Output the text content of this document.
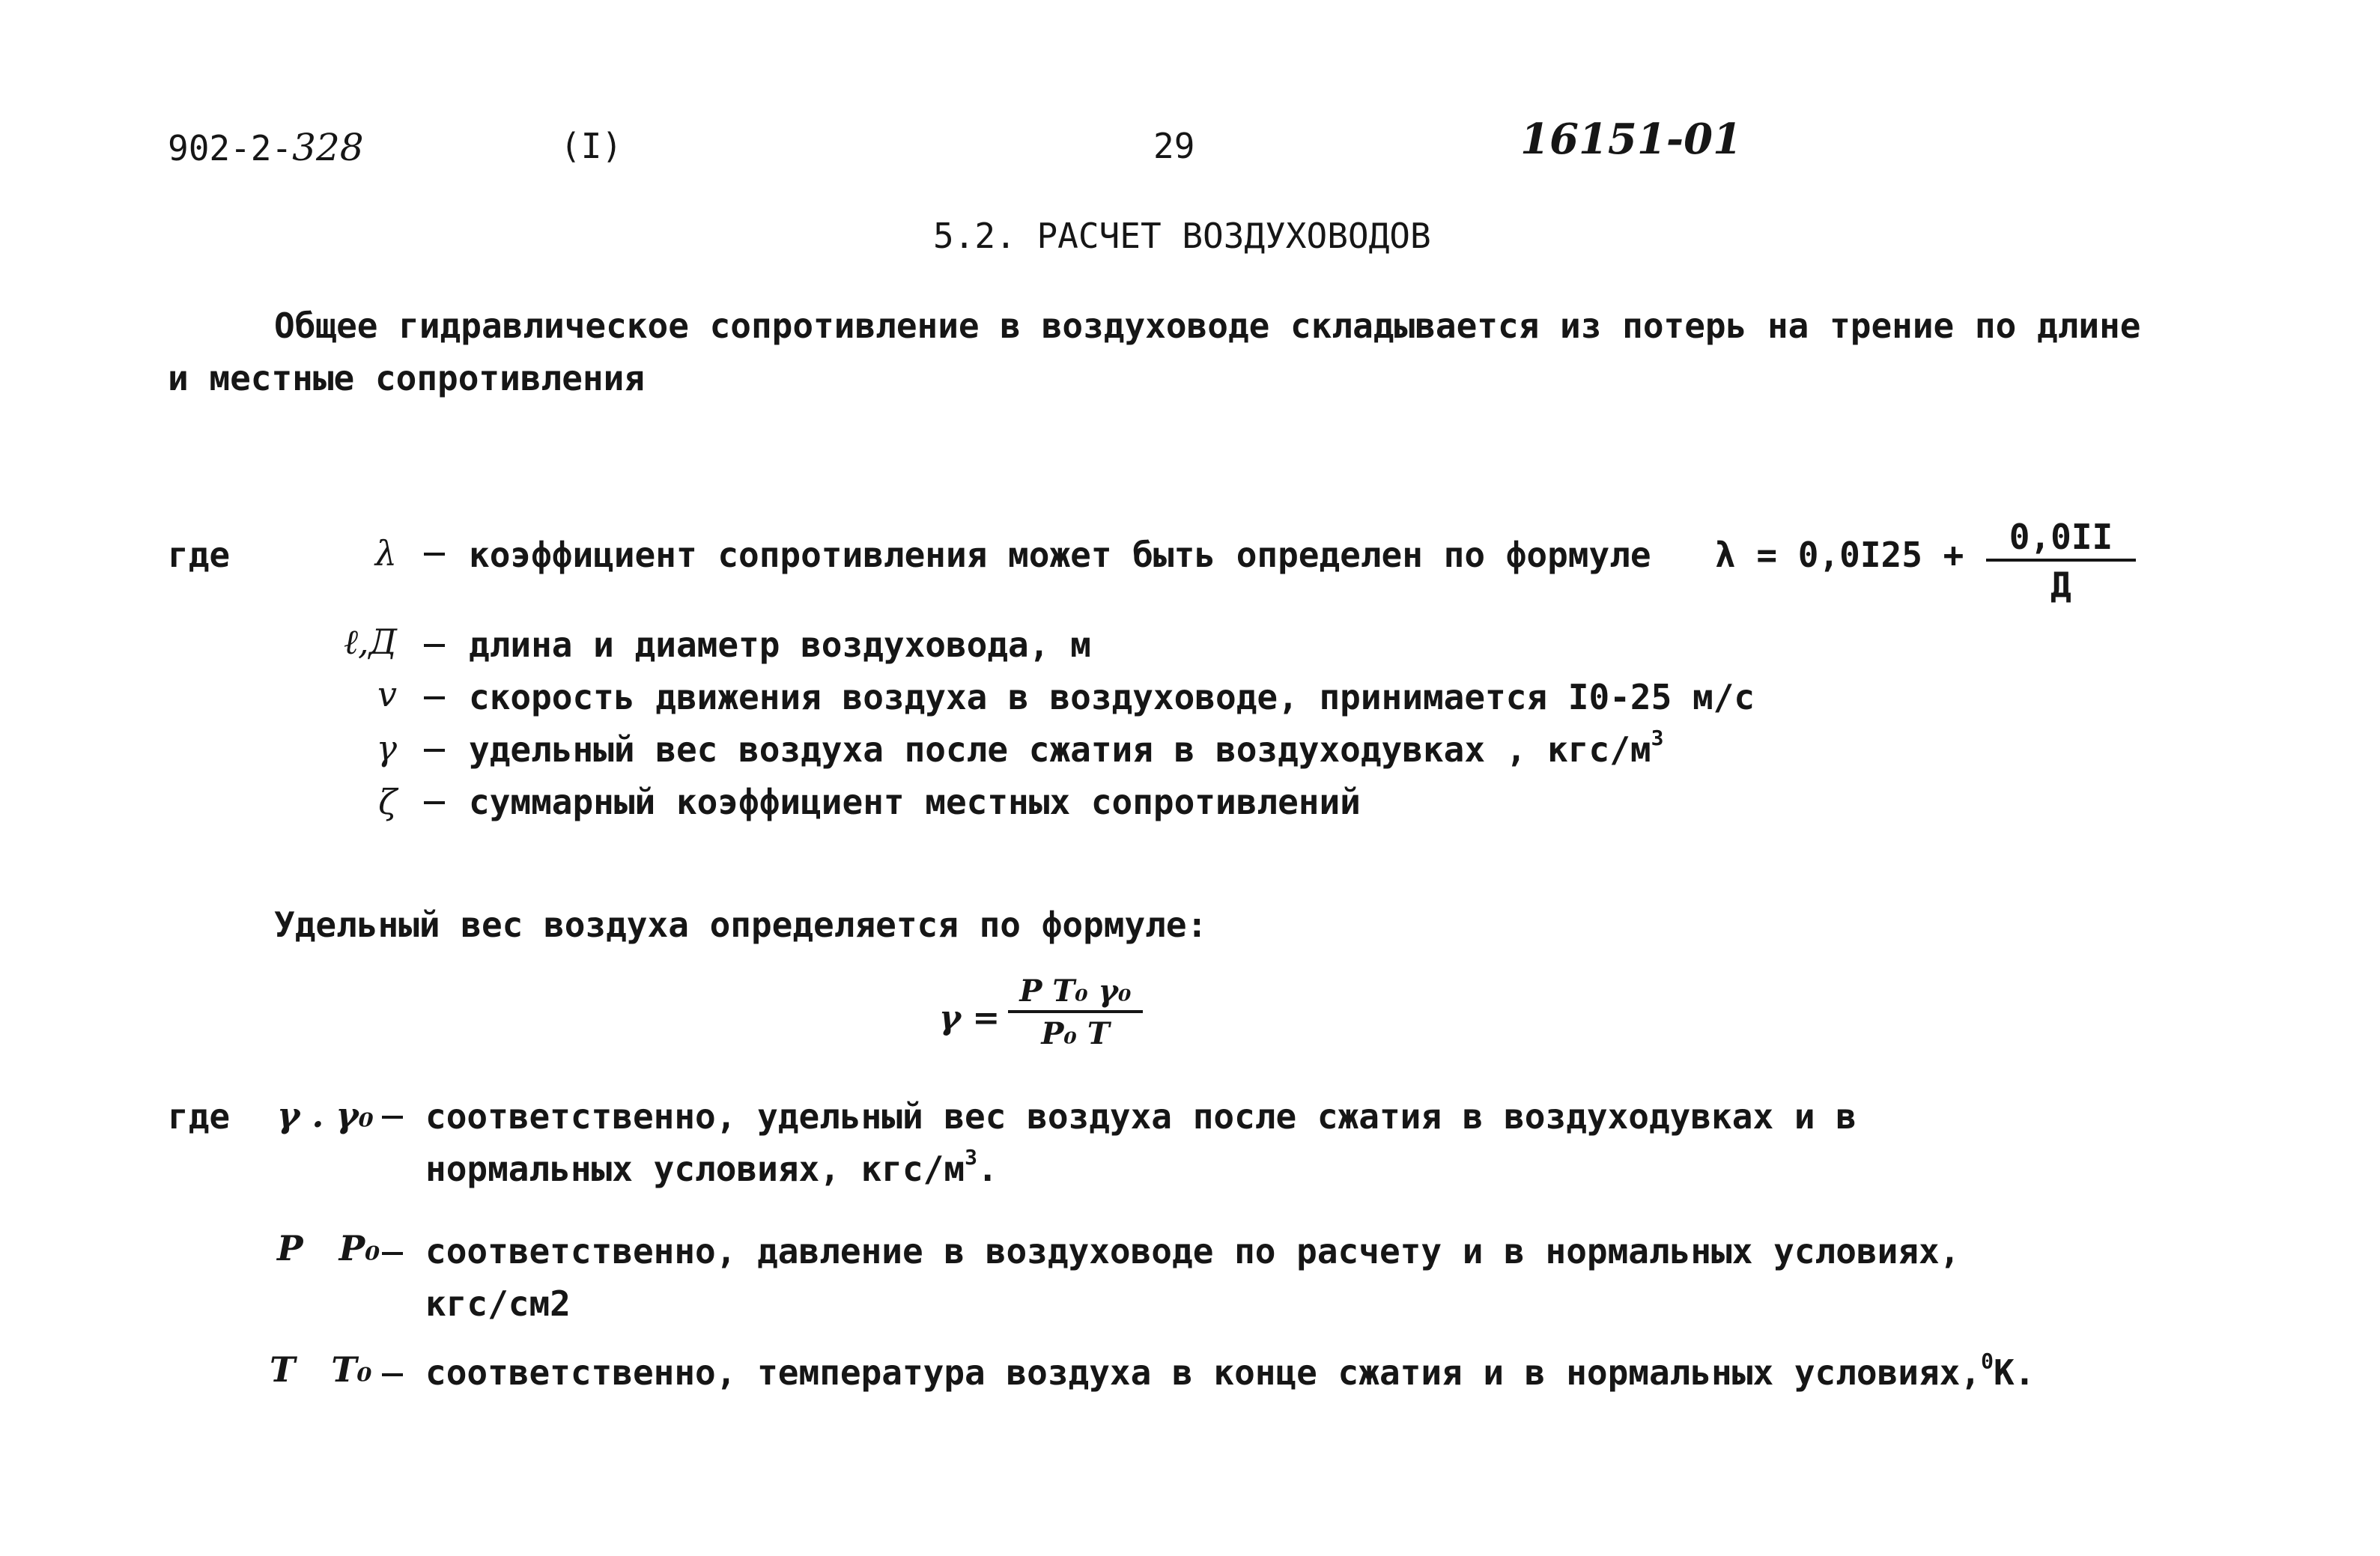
902-2-328	(I)	29	16151-01
5.2. РАСЧЕТ ВОЗДУХОВОДОВ
Общее гидравлическое сопротивление в воздуховоде складывается из потерь на трение по длине
и местные сопротивления
где	λ коэффициент сопротивления может быть определен по формуле λ = 0,0I25 +	0,0II
Д
ℓ,Д длина и диаметр воздуховода, м
v скорость движения воздуха в воздуховоде, принимается I0-25 м/с
γ удельный вес воздуха после сжатия в воздуходувках , кгс/$м^3$
ζ суммарный коэффициент местных сопротивлений
Удельный вес воздуха определяется по формуле:
$\gamma = \frac{\text{P T₀ γ₀}}{\text{P₀ T}}$
где γ . γ₀ соответственно, удельный вес воздуха после сжатия в воздуходувках и в
нормальных условиях, кгс/$м^3$.
P   P₀ соответственно, давление в воздуховоде по расчету и в нормальных условиях,
кгс/см2
T   T₀ соответственно, температура воздуха в конце сжатия и в нормальных условиях,$^0$К.
